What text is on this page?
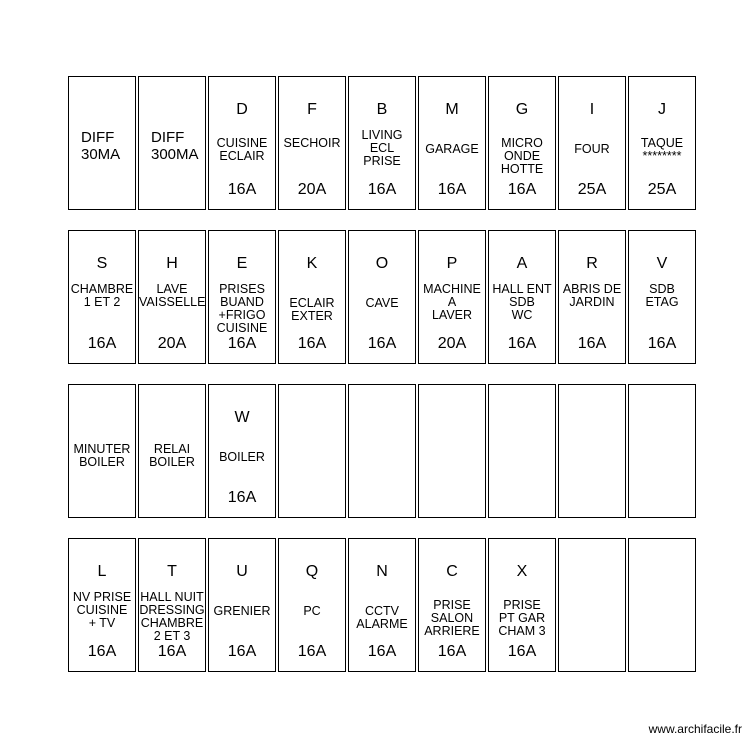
DIFF
30MA
DIFF
300MA
D
CUISINE
ECLAIR
16A
F
SECHOIR
20A
B
LIVING
ECL
PRISE
16A
M
GARAGE
16A
G
MICRO
ONDE
HOTTE
16A
I
FOUR
25A
J
TAQUE
********
25A
S
CHAMBRE
1 ET 2
16A
H
LAVE
VAISSELLE
20A
E
PRISES
BUAND
+FRIGO
CUISINE
16A
K
ECLAIR
EXTER
16A
O
CAVE
16A
P
MACHINE
A
LAVER
20A
A
HALL ENT
SDB
WC
16A
R
ABRIS DE
JARDIN
16A
V
SDB
ETAG
16A
MINUTER
BOILER
RELAI
BOILER
W
BOILER
16A
L
NV PRISE
CUISINE
+ TV
16A
T
HALL NUIT
DRESSING
CHAMBRE
2 ET 3
16A
U
GRENIER
16A
Q
PC
16A
N
CCTV
ALARME
16A
C
PRISE
SALON
ARRIERE
16A
X
PRISE
PT GAR
CHAM 3
16A
www.archifacile.fr
